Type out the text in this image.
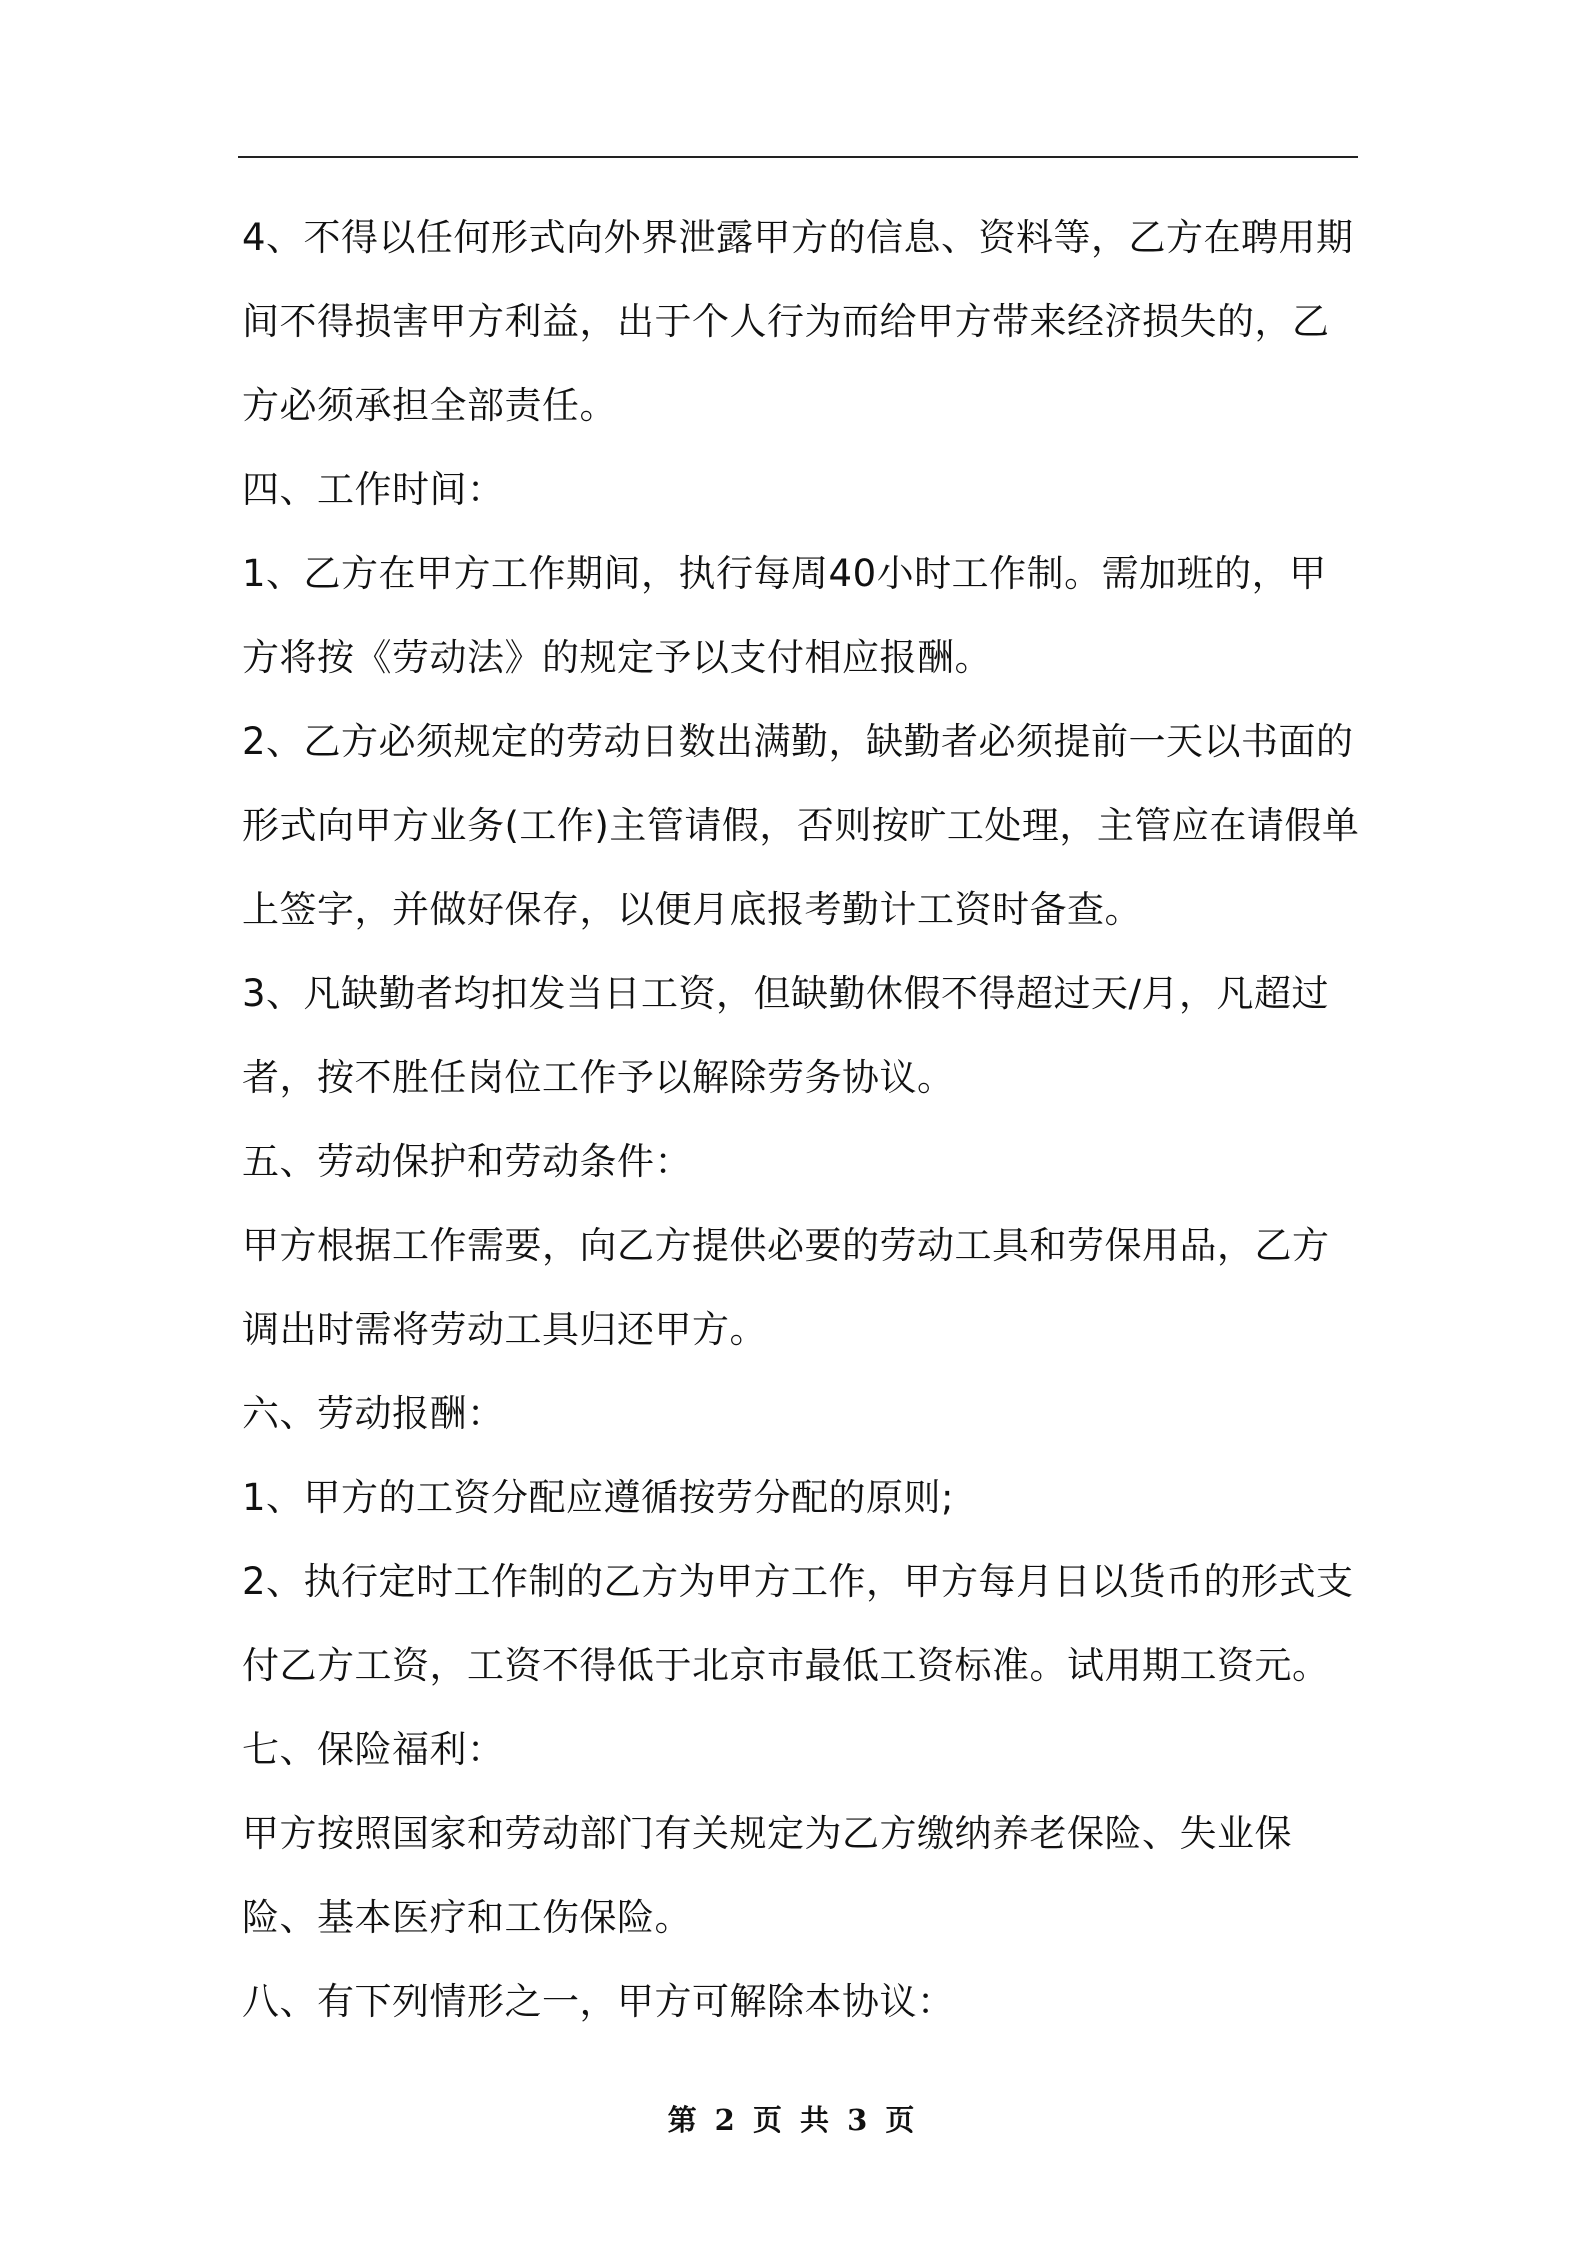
4、不得以任何形式向外界泄露甲方的信息、资料等，乙方在聘用期间不得损害甲方利益，出于个人行为而给甲方带来经济损失的，乙方必须承担全部责任。

四、工作时间：

1、乙方在甲方工作期间，执行每周40小时工作制。需加班的，甲方将按《劳动法》的规定予以支付相应报酬。

2、乙方必须规定的劳动日数出满勤，缺勤者必须提前一天以书面的形式向甲方业务(工作)主管请假，否则按旷工处理，主管应在请假单上签字，并做好保存，以便月底报考勤计工资时备查。

3、凡缺勤者均扣发当日工资，但缺勤休假不得超过天/月，凡超过者，按不胜任岗位工作予以解除劳务协议。

五、劳动保护和劳动条件：

甲方根据工作需要，向乙方提供必要的劳动工具和劳保用品，乙方调出时需将劳动工具归还甲方。

六、劳动报酬：

1、甲方的工资分配应遵循按劳分配的原则;

2、执行定时工作制的乙方为甲方工作，甲方每月日以货币的形式支付乙方工资，工资不得低于北京市最低工资标准。试用期工资元。

七、保险福利：

甲方按照国家和劳动部门有关规定为乙方缴纳养老保险、失业保险、基本医疗和工伤保险。

八、有下列情形之一，甲方可解除本协议：

第 2 页 共 3 页
